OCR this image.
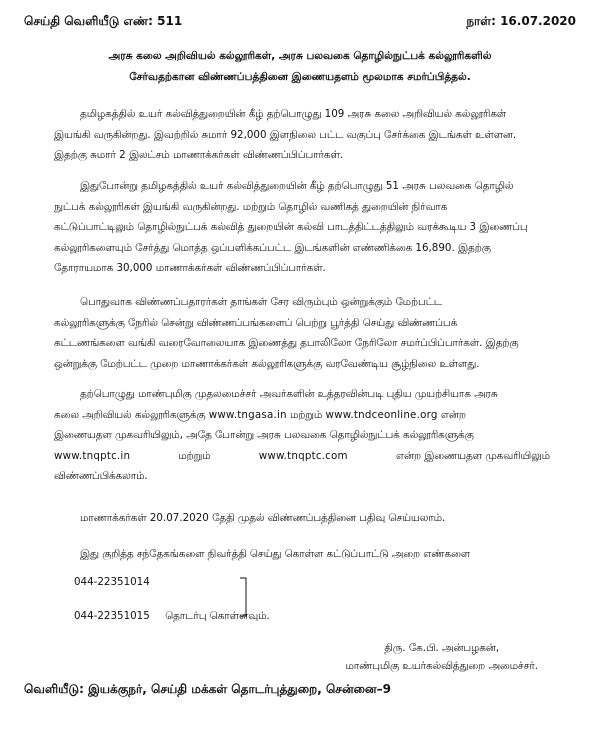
செய்தி வெளியீடு எண்: 511	நாள்: 16.07.2020
அரசு கலை அறிவியல் கல்லூரிகள், அரசு பலவகை தொழில்நுட்பக் கல்லூரிகளில்
சேர்வதற்கான விண்ணப்பத்தினை இணையதளம் மூலமாக சமர்ப்பித்தல்.
தமிழகத்தில் உயர் கல்வித்துறையின் கீழ் தற்பொழுது 109 அரசு கலை அறிவியல் கல்லூரிகள்
இயங்கி வருகின்றது. இவற்றில் சுமார் 92,000 இளநிலை பட்ட வகுப்பு சேர்க்கை இடங்கள் உள்ளன.
இதற்கு சுமார் 2 இலட்சம் மாணாக்கர்கள் விண்ணப்பிப்பார்கள்.
இதுபோன்று தமிழகத்தில் உயர் கல்வித்துறையின் கீழ் தற்பொழுது 51 அரசு பலவகை தொழில்
நுட்பக் கல்லூரிகள் இயங்கி வருகின்றது. மற்றும் தொழில் வணிகத் துறையின் நிர்வாக
கட்டுப்பாட்டிலும் தொழில்நுட்பக் கல்வித் துறையின் கல்வி பாடத்திட்டத்திலும் வரக்கூடிய 3 இணைப்பு
கல்லூரிகளையும் சேர்த்து மொத்த ஒப்பளிக்கப்பட்ட இடங்களின் எண்ணிக்கை 16,890. இதற்கு
தோராயமாக 30,000 மாணாக்கர்கள் விண்ணப்பிப்பார்கள்.
பொதுவாக விண்ணப்பதாரர்கள் தாங்கள் சேர விரும்பும் ஒன்றுக்கும் மேற்பட்ட
கல்லூரிகளுக்கு நேரில் சென்று விண்ணப்பங்களைப் பெற்று பூர்த்தி செய்து விண்ணப்பக்
கட்டணங்களை வங்கி வரைவோலையாக இணைத்து தபாலிலோ நேரிலோ சமர்ப்பிப்பார்கள். இதற்கு
ஒன்றுக்கு மேற்பட்ட முறை மாணாக்கர்கள் கல்லூரிகளுக்கு வரவேண்டிய சூழ்நிலை உள்ளது.
தற்பொழுது மாண்புமிகு முதலமைச்சர் அவர்களின் உத்தரவின்படி புதிய முயற்சியாக அரசு
கலை அறிவியல் கல்லூரிகளுக்கு www.tngasa.in மற்றும் www.tndceonline.org என்ற
இணையதள முகவரியிலும், அதே போன்று அரசு பலவகை தொழில்நுட்பக் கல்லூரிகளுக்கு
www.tnqptc.in	மற்றும்	www.tnqptc.com	என்ற இணையதள முகவரியிலும்
விண்ணப்பிக்கலாம்.
மாணாக்கர்கள் 20.07.2020 தேதி முதல் விண்ணப்பத்தினை பதிவு செய்யலாம்.
இது குறித்த சந்தேகங்களை நிவர்த்தி செய்து கொள்ள கட்டுப்பாட்டு அறை எண்களை
044-22351014
044-22351015 தொடர்பு கொள்ளவும்.
திரு. கே.பி. அன்பழகன்,
மாண்புமிகு உயர்கல்வித்துறை அமைச்சர்.
வெளியீடு: இயக்குநர், செய்தி மக்கள் தொடர்புத்துறை, சென்னை–9
